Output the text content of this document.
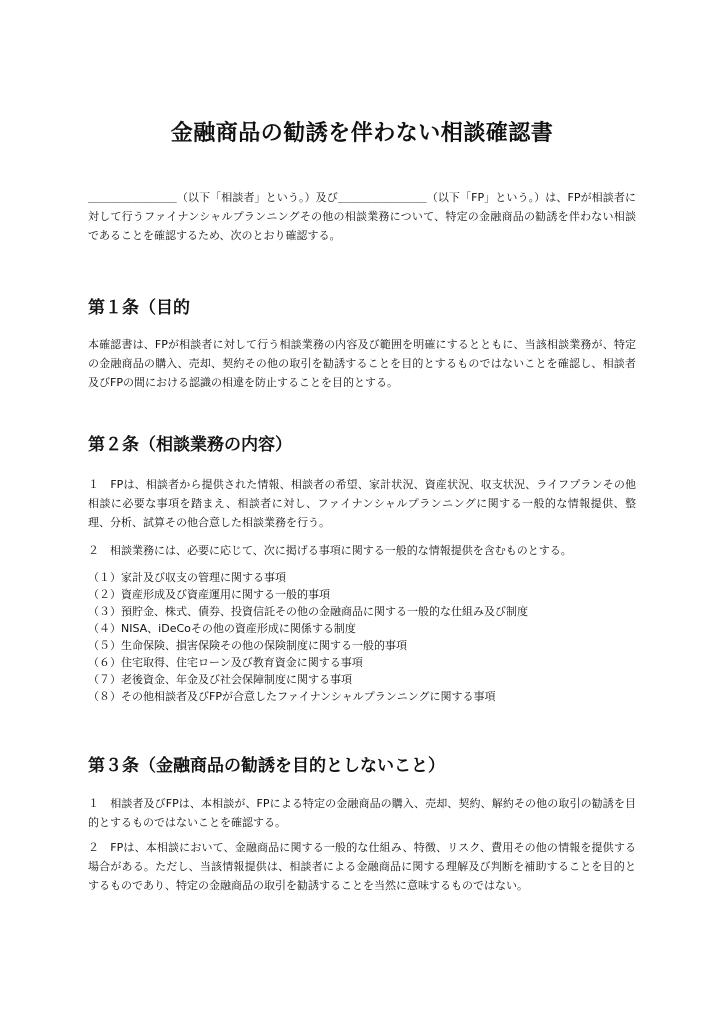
金融商品の勧誘を伴わない相談確認書

＿＿＿＿＿＿＿＿（以下「相談者」という。）及び＿＿＿＿＿＿＿＿（以下「FP」という。）は、FPが相談者に対して行うファイナンシャルプランニングその他の相談業務について、特定の金融商品の勧誘を伴わない相談であることを確認するため、次のとおり確認する。

第１条（目的

本確認書は、FPが相談者に対して行う相談業務の内容及び範囲を明確にするとともに、当該相談業務が、特定の金融商品の購入、売却、契約その他の取引を勧誘することを目的とするものではないことを確認し、相談者及びFPの間における認識の相違を防止することを目的とする。

第２条（相談業務の内容）

１　FPは、相談者から提供された情報、相談者の希望、家計状況、資産状況、収支状況、ライフプランその他相談に必要な事項を踏まえ、相談者に対し、ファイナンシャルプランニングに関する一般的な情報提供、整理、分析、試算その他合意した相談業務を行う。

２　相談業務には、必要に応じて、次に掲げる事項に関する一般的な情報提供を含むものとする。

（１）家計及び収支の管理に関する事項
（２）資産形成及び資産運用に関する一般的事項
（３）預貯金、株式、債券、投資信託その他の金融商品に関する一般的な仕組み及び制度
（４）NISA、iDeCoその他の資産形成に関係する制度
（５）生命保険、損害保険その他の保険制度に関する一般的事項
（６）住宅取得、住宅ローン及び教育資金に関する事項
（７）老後資金、年金及び社会保障制度に関する事項
（８）その他相談者及びFPが合意したファイナンシャルプランニングに関する事項
第３条（金融商品の勧誘を目的としないこと）

１　相談者及びFPは、本相談が、FPによる特定の金融商品の購入、売却、契約、解約その他の取引の勧誘を目的とするものではないことを確認する。

２　FPは、本相談において、金融商品に関する一般的な仕組み、特徴、リスク、費用その他の情報を提供する場合がある。ただし、当該情報提供は、相談者による金融商品に関する理解及び判断を補助することを目的とするものであり、特定の金融商品の取引を勧誘することを当然に意味するものではない。
